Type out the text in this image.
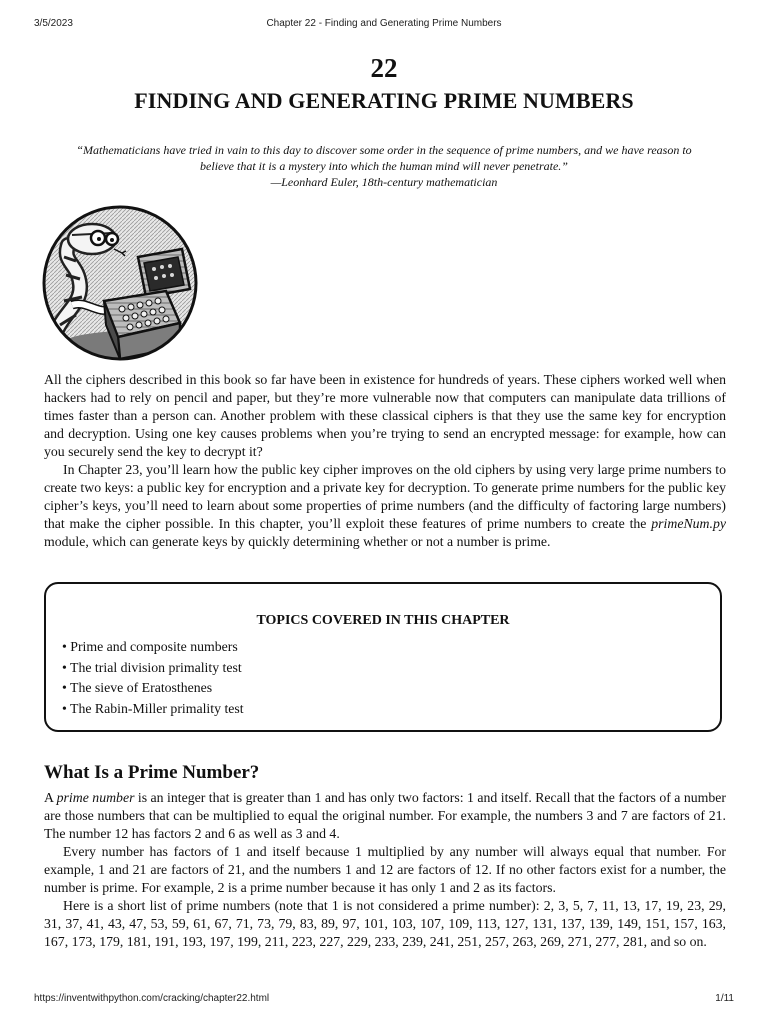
3/5/2023	Chapter 22 - Finding and Generating Prime Numbers
22
FINDING AND GENERATING PRIME NUMBERS
“Mathematicians have tried in vain to this day to discover some order in the sequence of prime numbers, and we have reason to believe that it is a mystery into which the human mind will never penetrate.”
—Leonhard Euler, 18th-century mathematician

All the ciphers described in this book so far have been in existence for hundreds of years. These ciphers worked well when hackers had to rely on pencil and paper, but they’re more vulnerable now that computers can manipulate data trillions of times faster than a person can. Another problem with these classical ciphers is that they use the same key for encryption and decryption. Using one key causes problems when you’re trying to send an encrypted message: for example, how can you securely send the key to decrypt it?

In Chapter 23, you’ll learn how the public key cipher improves on the old ciphers by using very large prime numbers to create two keys: a public key for encryption and a private key for decryption. To generate prime numbers for the public key cipher’s keys, you’ll need to learn about some properties of prime numbers (and the difficulty of factoring large numbers) that make the cipher possible. In this chapter, you’ll exploit these features of prime numbers to create the primeNum.py module, which can generate keys by quickly determining whether or not a number is prime.

TOPICS COVERED IN THIS CHAPTER
• Prime and composite numbers
• The trial division primality test
• The sieve of Eratosthenes
• The Rabin-Miller primality test
What Is a Prime Number?

A prime number is an integer that is greater than 1 and has only two factors: 1 and itself. Recall that the factors of a number are those numbers that can be multiplied to equal the original number. For example, the numbers 3 and 7 are factors of 21. The number 12 has factors 2 and 6 as well as 3 and 4.

Every number has factors of 1 and itself because 1 multiplied by any number will always equal that number. For example, 1 and 21 are factors of 21, and the numbers 1 and 12 are factors of 12. If no other factors exist for a number, the number is prime. For example, 2 is a prime number because it has only 1 and 2 as its factors.

Here is a short list of prime numbers (note that 1 is not considered a prime number): 2, 3, 5, 7, 11, 13, 17, 19, 23, 29, 31, 37, 41, 43, 47, 53, 59, 61, 67, 71, 73, 79, 83, 89, 97, 101, 103, 107, 109, 113, 127, 131, 137, 139, 149, 151, 157, 163, 167, 173, 179, 181, 191, 193, 197, 199, 211, 223, 227, 229, 233, 239, 241, 251, 257, 263, 269, 271, 277, 281, and so on.

https://inventwithpython.com/cracking/chapter22.html	1/11
